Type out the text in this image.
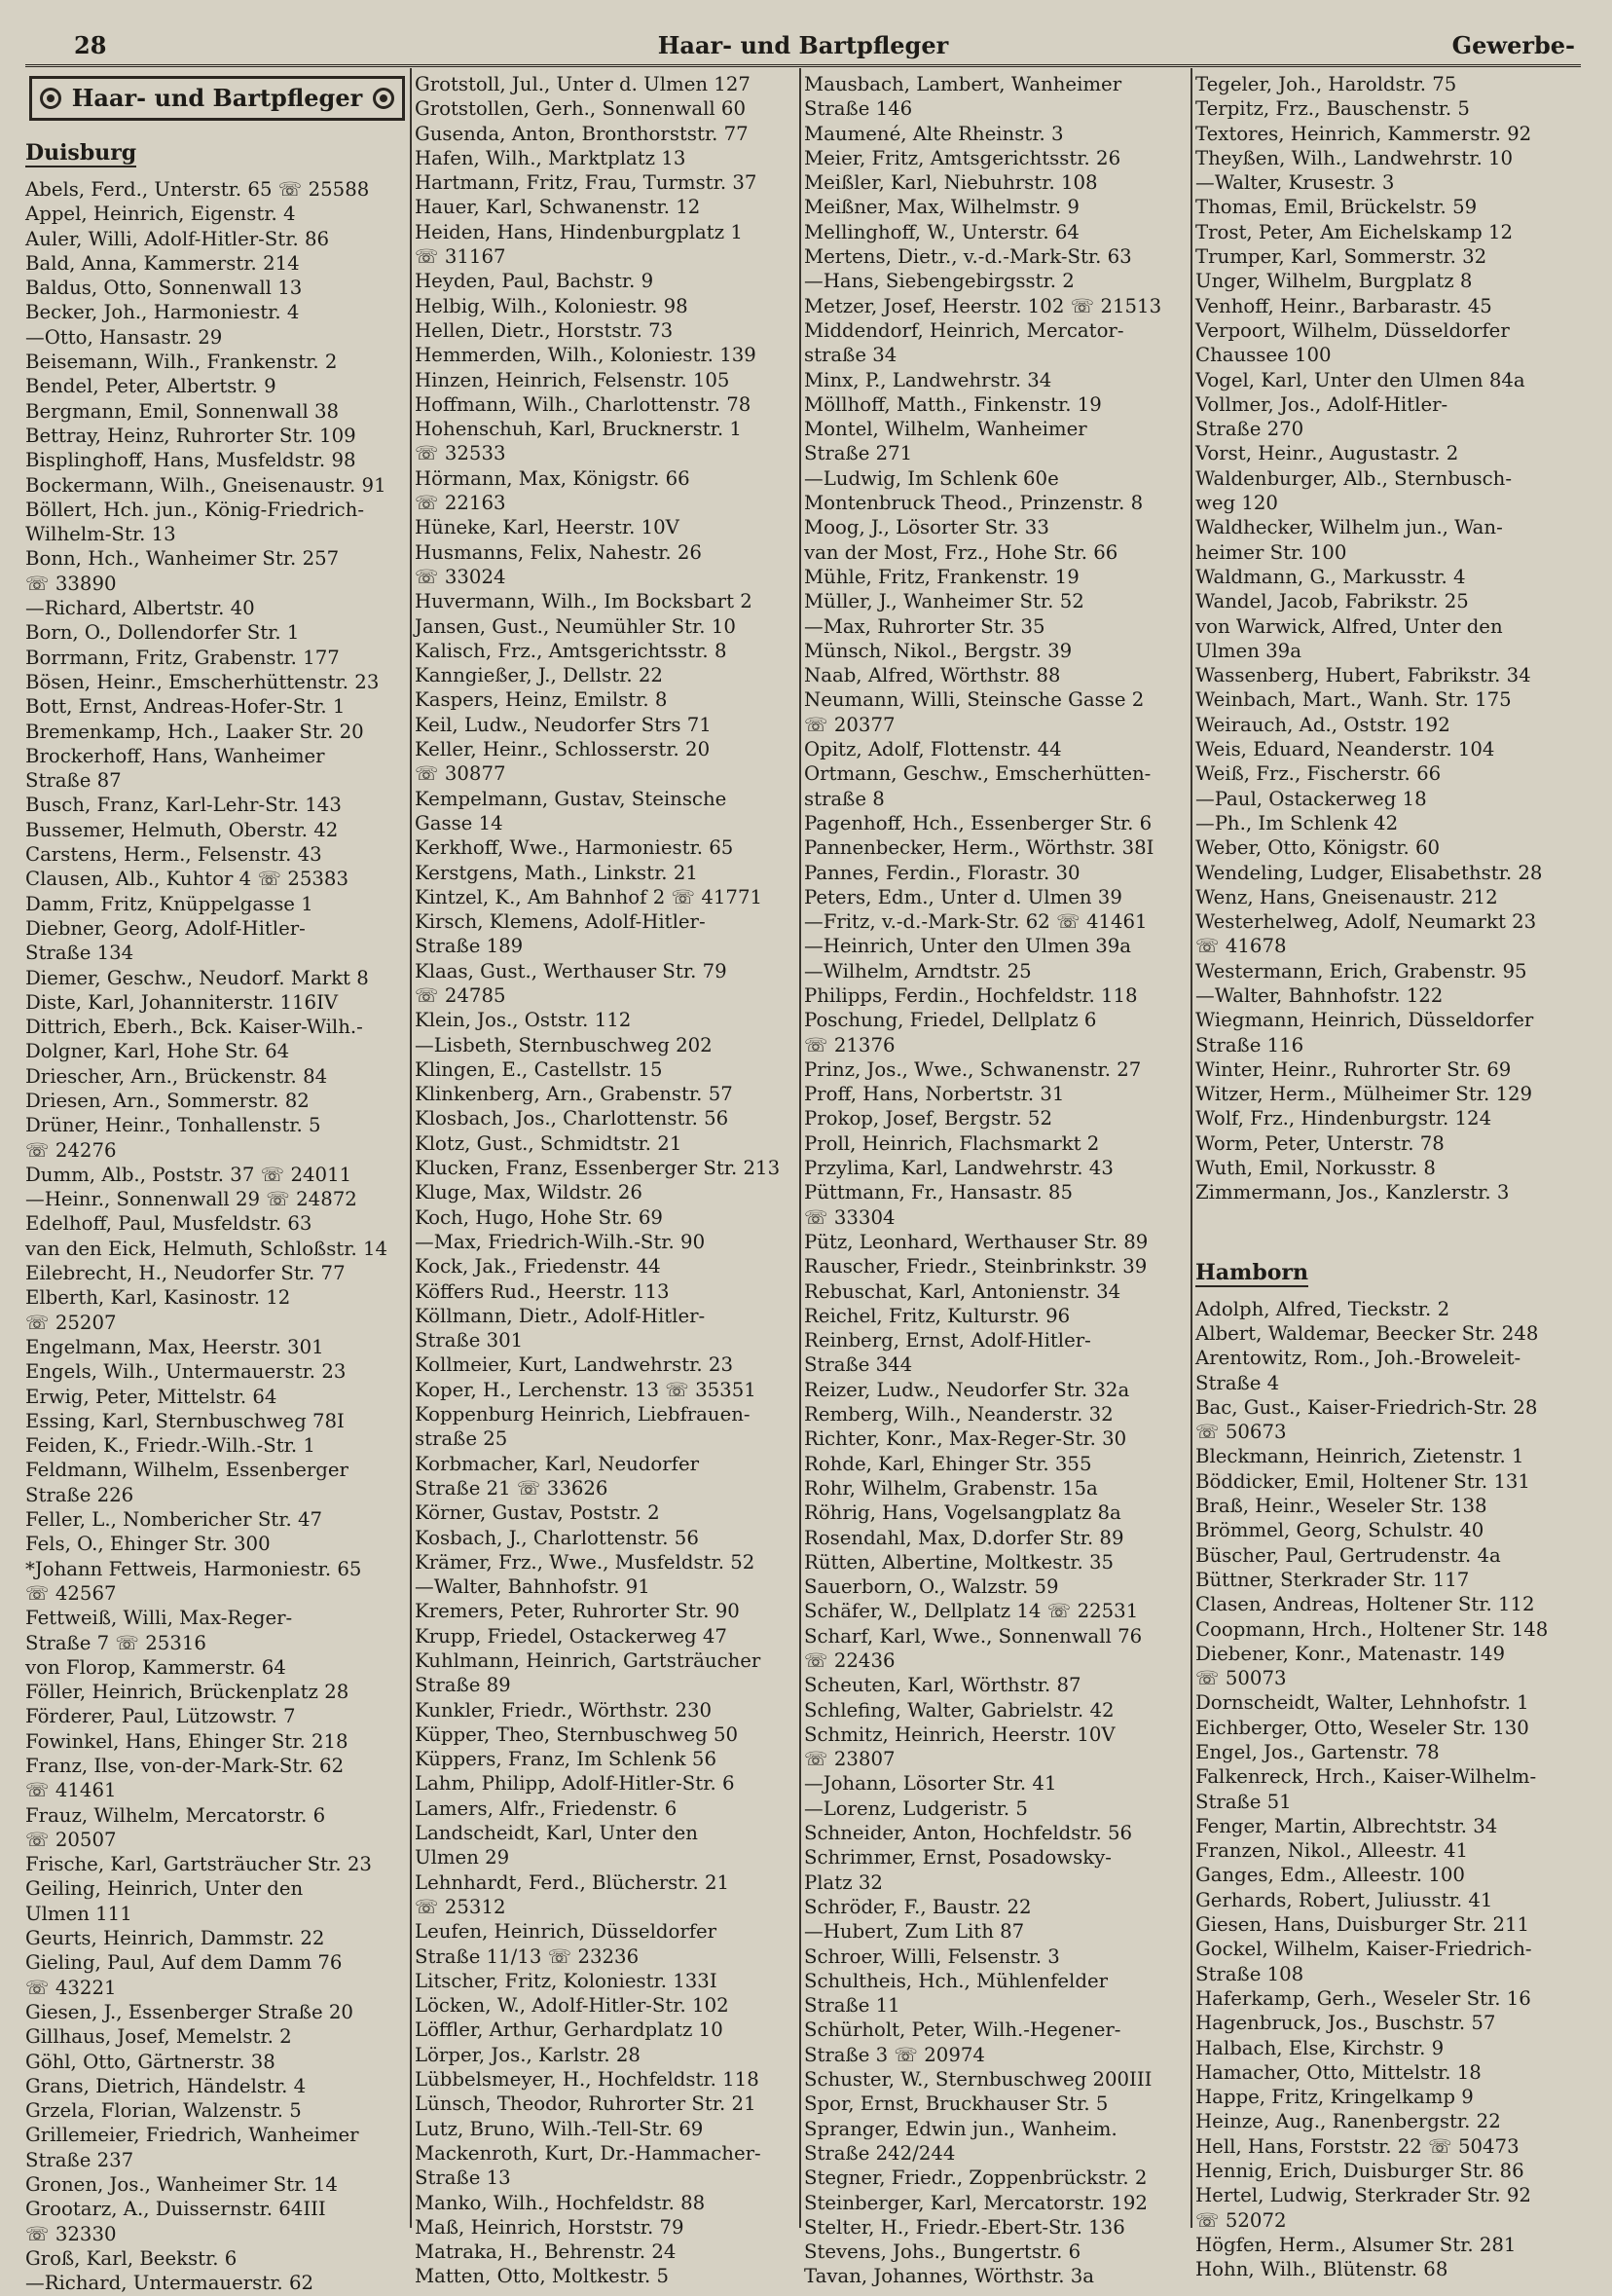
28	Haar- und Bartpfleger	Gewerbe-
Haar- und Bartpfleger
Duisburg
Abels, Ferd., Unterstr. 65 ☏ 25588
Appel, Heinrich, Eigenstr. 4
Auler, Willi, Adolf-Hitler-Str. 86
Bald, Anna, Kammerstr. 214
Baldus, Otto, Sonnenwall 13
Becker, Joh., Harmoniestr. 4
—Otto, Hansastr. 29
Beisemann, Wilh., Frankenstr. 2
Bendel, Peter, Albertstr. 9
Bergmann, Emil, Sonnenwall 38
Bettray, Heinz, Ruhrorter Str. 109
Bisplinghoff, Hans, Musfeldstr. 98
Bockermann, Wilh., Gneisenaustr. 91
Böllert, Hch. jun., König-Friedrich-
Wilhelm-Str. 13
Bonn, Hch., Wanheimer Str. 257
☏ 33890
—Richard, Albertstr. 40
Born, O., Dollendorfer Str. 1
Borrmann, Fritz, Grabenstr. 177
Bösen, Heinr., Emscherhüttenstr. 23
Bott, Ernst, Andreas-Hofer-Str. 1
Bremenkamp, Hch., Laaker Str. 20
Brockerhoff, Hans, Wanheimer
Straße 87
Busch, Franz, Karl-Lehr-Str. 143
Bussemer, Helmuth, Oberstr. 42
Carstens, Herm., Felsenstr. 43
Clausen, Alb., Kuhtor 4 ☏ 25383
Damm, Fritz, Knüppelgasse 1
Diebner, Georg, Adolf-Hitler-
Straße 134
Diemer, Geschw., Neudorf. Markt 8
Diste, Karl, Johanniterstr. 116IV
Dittrich, Eberh., Bck. Kaiser-Wilh.-
Dolgner, Karl, Hohe Str. 64
Driescher, Arn., Brückenstr. 84
Driesen, Arn., Sommerstr. 82
Drüner, Heinr., Tonhallenstr. 5
☏ 24276
Dumm, Alb., Poststr. 37 ☏ 24011
—Heinr., Sonnenwall 29 ☏ 24872
Edelhoff, Paul, Musfeldstr. 63
van den Eick, Helmuth, Schloßstr. 14
Eilebrecht, H., Neudorfer Str. 77
Elberth, Karl, Kasinostr. 12
☏ 25207
Engelmann, Max, Heerstr. 301
Engels, Wilh., Untermauerstr. 23
Erwig, Peter, Mittelstr. 64
Essing, Karl, Sternbuschweg 78I
Feiden, K., Friedr.-Wilh.-Str. 1
Feldmann, Wilhelm, Essenberger
Straße 226
Feller, L., Nombericher Str. 47
Fels, O., Ehinger Str. 300
*Johann Fettweis, Harmoniestr. 65
☏ 42567
Fettweiß, Willi, Max-Reger-
Straße 7 ☏ 25316
von Florop, Kammerstr. 64
Föller, Heinrich, Brückenplatz 28
Förderer, Paul, Lützowstr. 7
Fowinkel, Hans, Ehinger Str. 218
Franz, Ilse, von-der-Mark-Str. 62
☏ 41461
Frauz, Wilhelm, Mercatorstr. 6
☏ 20507
Frische, Karl, Gartsträucher Str. 23
Geiling, Heinrich, Unter den
Ulmen 111
Geurts, Heinrich, Dammstr. 22
Gieling, Paul, Auf dem Damm 76
☏ 43221
Giesen, J., Essenberger Straße 20
Gillhaus, Josef, Memelstr. 2
Göhl, Otto, Gärtnerstr. 38
Grans, Dietrich, Händelstr. 4
Grzela, Florian, Walzenstr. 5
Grillemeier, Friedrich, Wanheimer
Straße 237
Gronen, Jos., Wanheimer Str. 14
Grootarz, A., Duissernstr. 64III
☏ 32330
Groß, Karl, Beekstr. 6
—Richard, Untermauerstr. 62
Grotstoll, Jul., Unter d. Ulmen 127
Grotstollen, Gerh., Sonnenwall 60
Gusenda, Anton, Bronthorststr. 77
Hafen, Wilh., Marktplatz 13
Hartmann, Fritz, Frau, Turmstr. 37
Hauer, Karl, Schwanenstr. 12
Heiden, Hans, Hindenburgplatz 1
☏ 31167
Heyden, Paul, Bachstr. 9
Helbig, Wilh., Koloniestr. 98
Hellen, Dietr., Horststr. 73
Hemmerden, Wilh., Koloniestr. 139
Hinzen, Heinrich, Felsenstr. 105
Hoffmann, Wilh., Charlottenstr. 78
Hohenschuh, Karl, Brucknerstr. 1
☏ 32533
Hörmann, Max, Königstr. 66
☏ 22163
Hüneke, Karl, Heerstr. 10V
Husmanns, Felix, Nahestr. 26
☏ 33024
Huvermann, Wilh., Im Bocksbart 2
Jansen, Gust., Neumühler Str. 10
Kalisch, Frz., Amtsgerichtsstr. 8
Kanngießer, J., Dellstr. 22
Kaspers, Heinz, Emilstr. 8
Keil, Ludw., Neudorfer Strs 71
Keller, Heinr., Schlosserstr. 20
☏ 30877
Kempelmann, Gustav, Steinsche
Gasse 14
Kerkhoff, Wwe., Harmoniestr. 65
Kerstgens, Math., Linkstr. 21
Kintzel, K., Am Bahnhof 2 ☏ 41771
Kirsch, Klemens, Adolf-Hitler-
Straße 189
Klaas, Gust., Werthauser Str. 79
☏ 24785
Klein, Jos., Oststr. 112
—Lisbeth, Sternbuschweg 202
Klingen, E., Castellstr. 15
Klinkenberg, Arn., Grabenstr. 57
Klosbach, Jos., Charlottenstr. 56
Klotz, Gust., Schmidtstr. 21
Klucken, Franz, Essenberger Str. 213
Kluge, Max, Wildstr. 26
Koch, Hugo, Hohe Str. 69
—Max, Friedrich-Wilh.-Str. 90
Kock, Jak., Friedenstr. 44
Köffers Rud., Heerstr. 113
Köllmann, Dietr., Adolf-Hitler-
Straße 301
Kollmeier, Kurt, Landwehrstr. 23
Koper, H., Lerchenstr. 13 ☏ 35351
Koppenburg Heinrich, Liebfrauen-
straße 25
Korbmacher, Karl, Neudorfer
Straße 21 ☏ 33626
Körner, Gustav, Poststr. 2
Kosbach, J., Charlottenstr. 56
Krämer, Frz., Wwe., Musfeldstr. 52
—Walter, Bahnhofstr. 91
Kremers, Peter, Ruhrorter Str. 90
Krupp, Friedel, Ostackerweg 47
Kuhlmann, Heinrich, Gartsträucher
Straße 89
Kunkler, Friedr., Wörthstr. 230
Küpper, Theo, Sternbuschweg 50
Küppers, Franz, Im Schlenk 56
Lahm, Philipp, Adolf-Hitler-Str. 6
Lamers, Alfr., Friedenstr. 6
Landscheidt, Karl, Unter den
Ulmen 29
Lehnhardt, Ferd., Blücherstr. 21
☏ 25312
Leufen, Heinrich, Düsseldorfer
Straße 11/13 ☏ 23236
Litscher, Fritz, Koloniestr. 133I
Löcken, W., Adolf-Hitler-Str. 102
Löffler, Arthur, Gerhardplatz 10
Lörper, Jos., Karlstr. 28
Lübbelsmeyer, H., Hochfeldstr. 118
Lünsch, Theodor, Ruhrorter Str. 21
Lutz, Bruno, Wilh.-Tell-Str. 69
Mackenroth, Kurt, Dr.-Hammacher-
Straße 13
Manko, Wilh., Hochfeldstr. 88
Maß, Heinrich, Horststr. 79
Matraka, H., Behrenstr. 24
Matten, Otto, Moltkestr. 5
Mausbach, Lambert, Wanheimer
Straße 146
Maumené, Alte Rheinstr. 3
Meier, Fritz, Amtsgerichtsstr. 26
Meißler, Karl, Niebuhrstr. 108
Meißner, Max, Wilhelmstr. 9
Mellinghoff, W., Unterstr. 64
Mertens, Dietr., v.-d.-Mark-Str. 63
—Hans, Siebengebirgsstr. 2
Metzer, Josef, Heerstr. 102 ☏ 21513
Middendorf, Heinrich, Mercator-
straße 34
Minx, P., Landwehrstr. 34
Möllhoff, Matth., Finkenstr. 19
Montel, Wilhelm, Wanheimer
Straße 271
—Ludwig, Im Schlenk 60e
Montenbruck Theod., Prinzenstr. 8
Moog, J., Lösorter Str. 33
van der Most, Frz., Hohe Str. 66
Mühle, Fritz, Frankenstr. 19
Müller, J., Wanheimer Str. 52
—Max, Ruhrorter Str. 35
Münsch, Nikol., Bergstr. 39
Naab, Alfred, Wörthstr. 88
Neumann, Willi, Steinsche Gasse 2
☏ 20377
Opitz, Adolf, Flottenstr. 44
Ortmann, Geschw., Emscherhütten-
straße 8
Pagenhoff, Hch., Essenberger Str. 6
Pannenbecker, Herm., Wörthstr. 38I
Pannes, Ferdin., Florastr. 30
Peters, Edm., Unter d. Ulmen 39
—Fritz, v.-d.-Mark-Str. 62 ☏ 41461
—Heinrich, Unter den Ulmen 39a
—Wilhelm, Arndtstr. 25
Philipps, Ferdin., Hochfeldstr. 118
Poschung, Friedel, Dellplatz 6
☏ 21376
Prinz, Jos., Wwe., Schwanenstr. 27
Proff, Hans, Norbertstr. 31
Prokop, Josef, Bergstr. 52
Proll, Heinrich, Flachsmarkt 2
Przylima, Karl, Landwehrstr. 43
Püttmann, Fr., Hansastr. 85
☏ 33304
Pütz, Leonhard, Werthauser Str. 89
Rauscher, Friedr., Steinbrinkstr. 39
Rebuschat, Karl, Antonienstr. 34
Reichel, Fritz, Kulturstr. 96
Reinberg, Ernst, Adolf-Hitler-
Straße 344
Reizer, Ludw., Neudorfer Str. 32a
Remberg, Wilh., Neanderstr. 32
Richter, Konr., Max-Reger-Str. 30
Rohde, Karl, Ehinger Str. 355
Rohr, Wilhelm, Grabenstr. 15a
Röhrig, Hans, Vogelsangplatz 8a
Rosendahl, Max, D.dorfer Str. 89
Rütten, Albertine, Moltkestr. 35
Sauerborn, O., Walzstr. 59
Schäfer, W., Dellplatz 14 ☏ 22531
Scharf, Karl, Wwe., Sonnenwall 76
☏ 22436
Scheuten, Karl, Wörthstr. 87
Schlefing, Walter, Gabrielstr. 42
Schmitz, Heinrich, Heerstr. 10V
☏ 23807
—Johann, Lösorter Str. 41
—Lorenz, Ludgeristr. 5
Schneider, Anton, Hochfeldstr. 56
Schrimmer, Ernst, Posadowsky-
Platz 32
Schröder, F., Baustr. 22
—Hubert, Zum Lith 87
Schroer, Willi, Felsenstr. 3
Schultheis, Hch., Mühlenfelder
Straße 11
Schürholt, Peter, Wilh.-Hegener-
Straße 3 ☏ 20974
Schuster, W., Sternbuschweg 200III
Spor, Ernst, Bruckhauser Str. 5
Spranger, Edwin jun., Wanheim.
Straße 242/244
Stegner, Friedr., Zoppenbrückstr. 2
Steinberger, Karl, Mercatorstr. 192
Stelter, H., Friedr.-Ebert-Str. 136
Stevens, Johs., Bungertstr. 6
Tavan, Johannes, Wörthstr. 3a
Tegeler, Joh., Haroldstr. 75
Terpitz, Frz., Bauschenstr. 5
Textores, Heinrich, Kammerstr. 92
Theyßen, Wilh., Landwehrstr. 10
—Walter, Krusestr. 3
Thomas, Emil, Brückelstr. 59
Trost, Peter, Am Eichelskamp 12
Trumper, Karl, Sommerstr. 32
Unger, Wilhelm, Burgplatz 8
Venhoff, Heinr., Barbarastr. 45
Verpoort, Wilhelm, Düsseldorfer
Chaussee 100
Vogel, Karl, Unter den Ulmen 84a
Vollmer, Jos., Adolf-Hitler-
Straße 270
Vorst, Heinr., Augustastr. 2
Waldenburger, Alb., Sternbusch-
weg 120
Waldhecker, Wilhelm jun., Wan-
heimer Str. 100
Waldmann, G., Markusstr. 4
Wandel, Jacob, Fabrikstr. 25
von Warwick, Alfred, Unter den
Ulmen 39a
Wassenberg, Hubert, Fabrikstr. 34
Weinbach, Mart., Wanh. Str. 175
Weirauch, Ad., Oststr. 192
Weis, Eduard, Neanderstr. 104
Weiß, Frz., Fischerstr. 66
—Paul, Ostackerweg 18
—Ph., Im Schlenk 42
Weber, Otto, Königstr. 60
Wendeling, Ludger, Elisabethstr. 28
Wenz, Hans, Gneisenaustr. 212
Westerhelweg, Adolf, Neumarkt 23
☏ 41678
Westermann, Erich, Grabenstr. 95
—Walter, Bahnhofstr. 122
Wiegmann, Heinrich, Düsseldorfer
Straße 116
Winter, Heinr., Ruhrorter Str. 69
Witzer, Herm., Mülheimer Str. 129
Wolf, Frz., Hindenburgstr. 124
Worm, Peter, Unterstr. 78
Wuth, Emil, Norkusstr. 8
Zimmermann, Jos., Kanzlerstr. 3
Hamborn
Adolph, Alfred, Tieckstr. 2
Albert, Waldemar, Beecker Str. 248
Arentowitz, Rom., Joh.-Broweleit-
Straße 4
Bac, Gust., Kaiser-Friedrich-Str. 28
☏ 50673
Bleckmann, Heinrich, Zietenstr. 1
Böddicker, Emil, Holtener Str. 131
Braß, Heinr., Weseler Str. 138
Brömmel, Georg, Schulstr. 40
Büscher, Paul, Gertrudenstr. 4a
Büttner, Sterkrader Str. 117
Clasen, Andreas, Holtener Str. 112
Coopmann, Hrch., Holtener Str. 148
Diebener, Konr., Matenastr. 149
☏ 50073
Dornscheidt, Walter, Lehnhofstr. 1
Eichberger, Otto, Weseler Str. 130
Engel, Jos., Gartenstr. 78
Falkenreck, Hrch., Kaiser-Wilhelm-
Straße 51
Fenger, Martin, Albrechtstr. 34
Franzen, Nikol., Alleestr. 41
Ganges, Edm., Alleestr. 100
Gerhards, Robert, Juliusstr. 41
Giesen, Hans, Duisburger Str. 211
Gockel, Wilhelm, Kaiser-Friedrich-
Straße 108
Haferkamp, Gerh., Weseler Str. 16
Hagenbruck, Jos., Buschstr. 57
Halbach, Else, Kirchstr. 9
Hamacher, Otto, Mittelstr. 18
Happe, Fritz, Kringelkamp 9
Heinze, Aug., Ranenbergstr. 22
Hell, Hans, Forststr. 22 ☏ 50473
Hennig, Erich, Duisburger Str. 86
Hertel, Ludwig, Sterkrader Str. 92
☏ 52072
Högfen, Herm., Alsumer Str. 281
Hohn, Wilh., Blütenstr. 68
